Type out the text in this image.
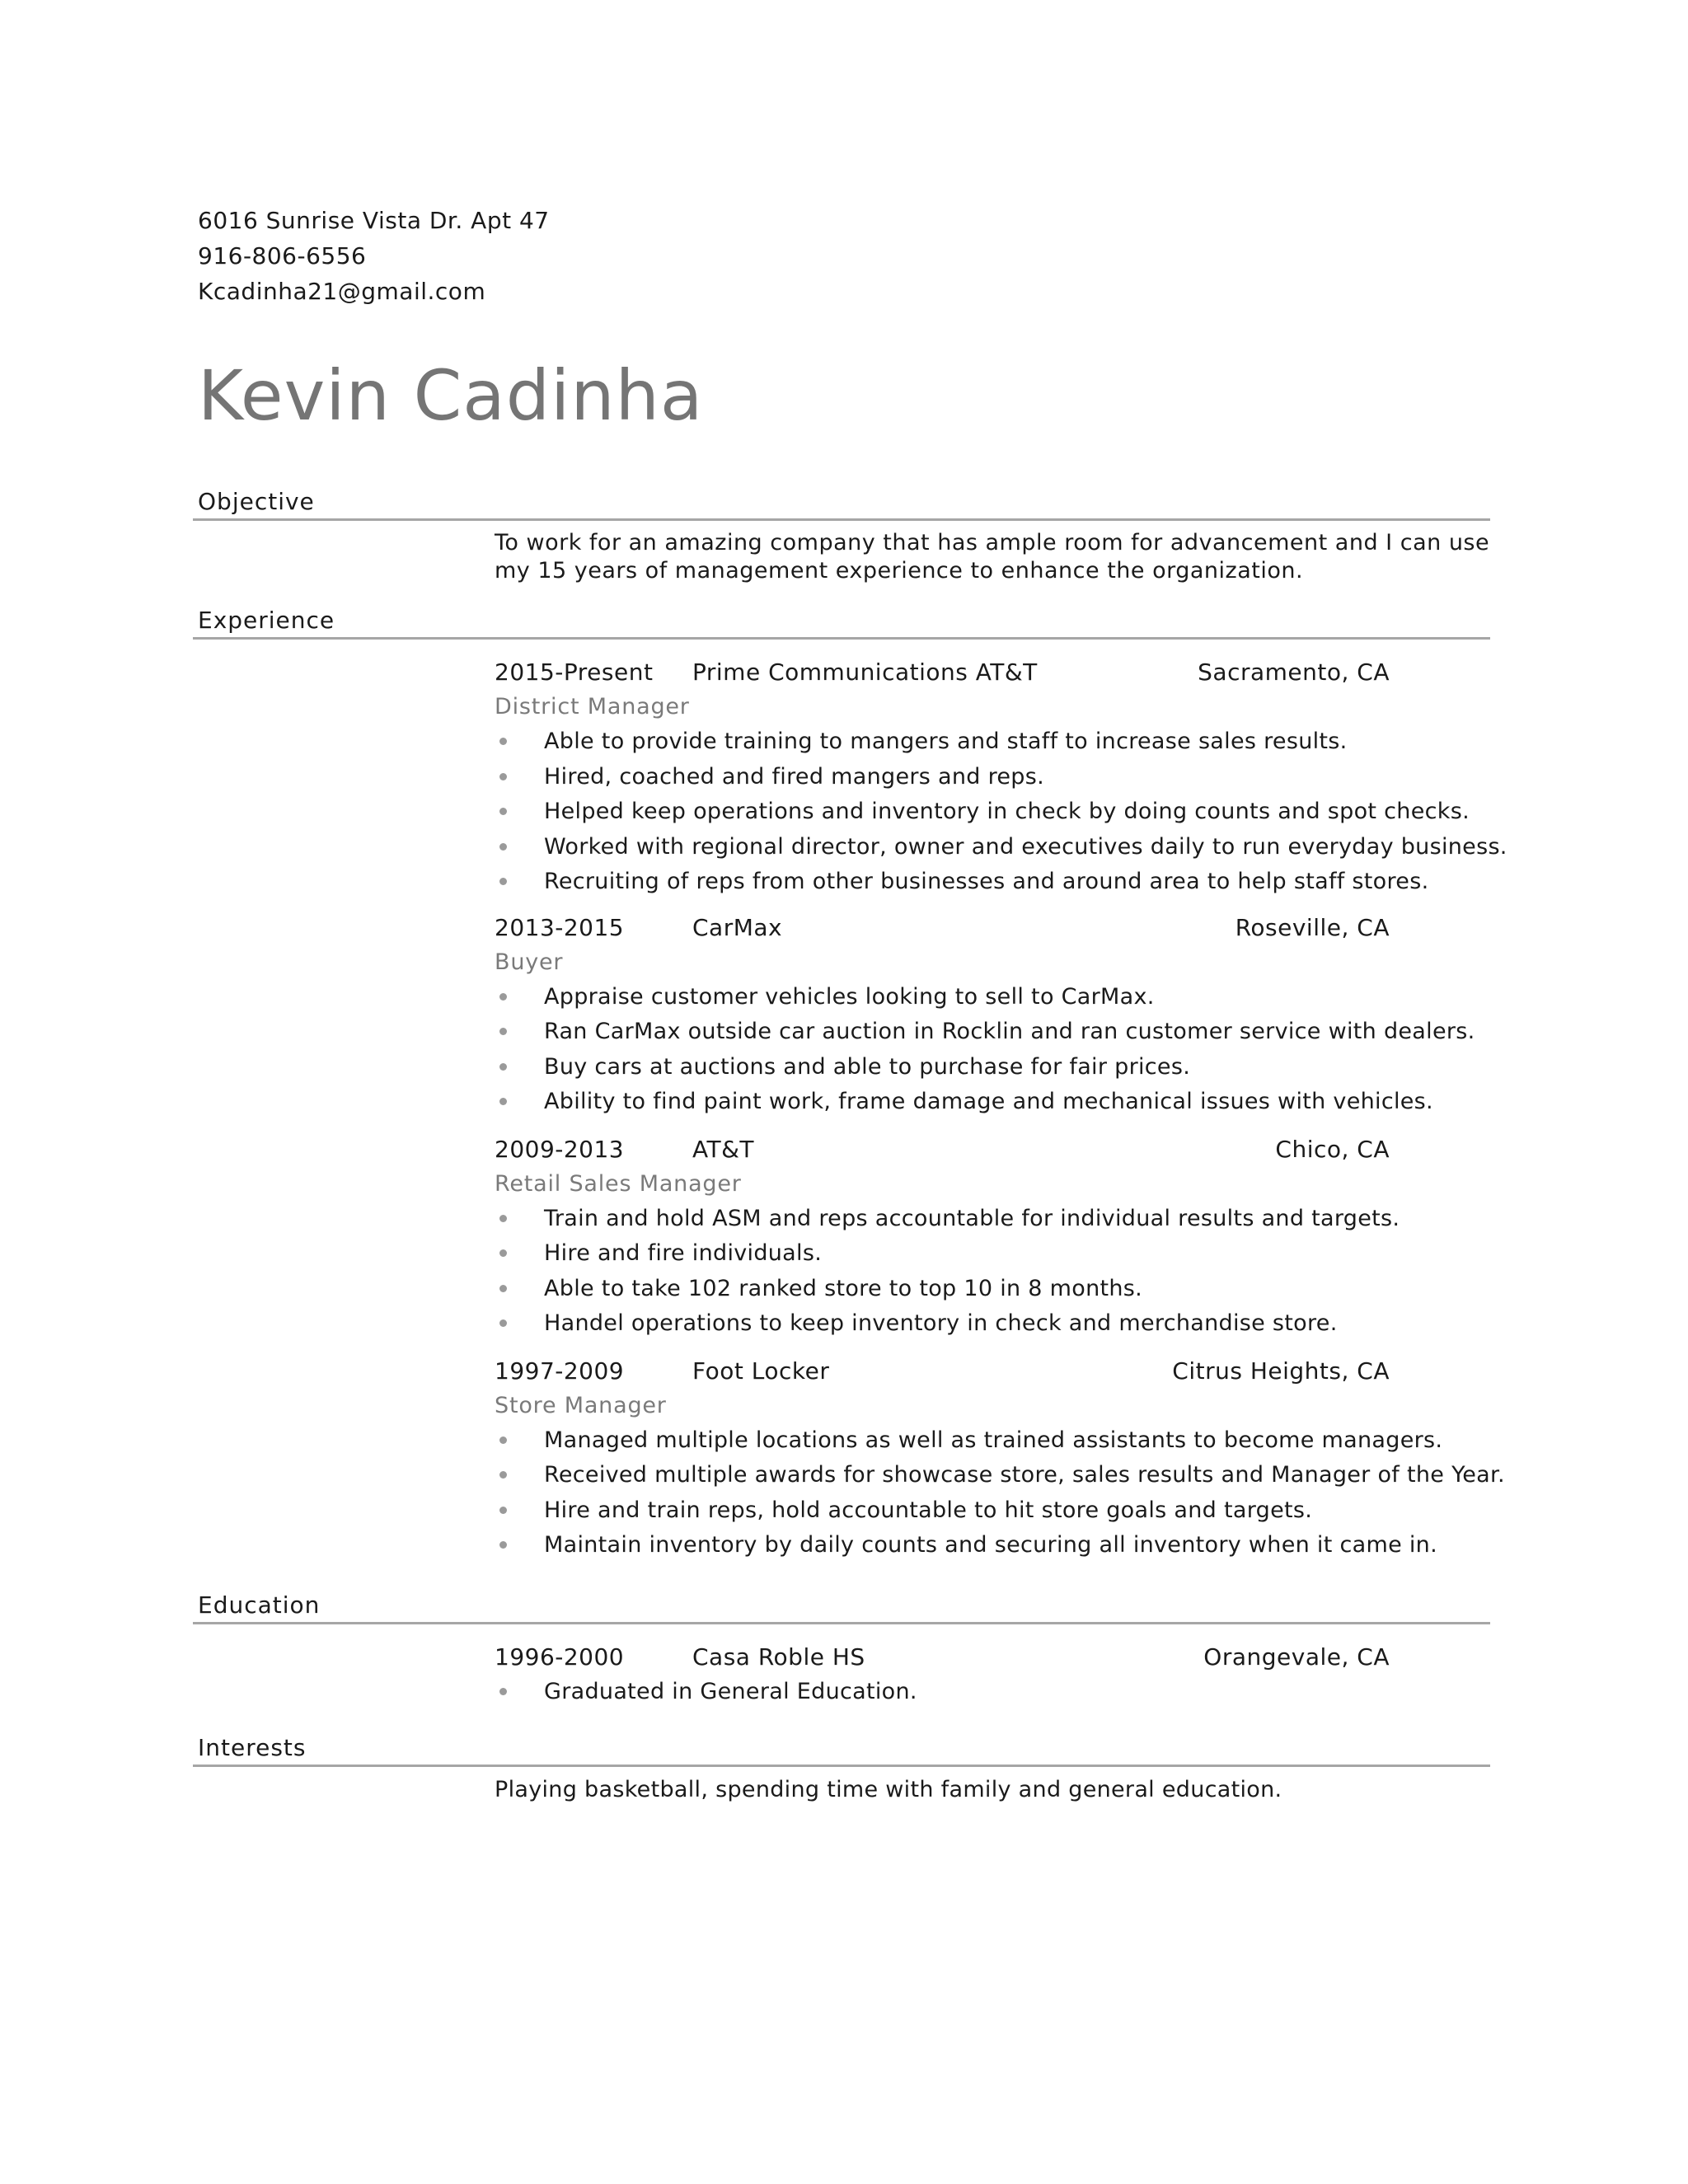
6016 Sunrise Vista Dr. Apt 47
916-806-6556
Kcadinha21@gmail.com
Kevin Cadinha
Objective
To work for an amazing company that has ample room for advancement and I can use
my 15 years of management experience to enhance the organization.
Experience
2015-Present Prime Communications AT&T	Sacramento, CA
District Manager
Able to provide training to mangers and staff to increase sales results.
Hired, coached and fired mangers and reps.
Helped keep operations and inventory in check by doing counts and spot checks.
Worked with regional director, owner and executives daily to run everyday business.
Recruiting of reps from other businesses and around area to help staff stores.
2013-2015	CarMax	Roseville, CA
Buyer
Appraise customer vehicles looking to sell to CarMax.
Ran CarMax outside car auction in Rocklin and ran customer service with dealers.
Buy cars at auctions and able to purchase for fair prices.
Ability to find paint work, frame damage and mechanical issues with vehicles.
2009-2013	AT&T	Chico, CA
Retail Sales Manager
Train and hold ASM and reps accountable for individual results and targets.
Hire and fire individuals.
Able to take 102 ranked store to top 10 in 8 months.
Handel operations to keep inventory in check and merchandise store.
1997-2009	Foot Locker	Citrus Heights, CA
Store Manager
Managed multiple locations as well as trained assistants to become managers.
Received multiple awards for showcase store, sales results and Manager of the Year.
Hire and train reps, hold accountable to hit store goals and targets.
Maintain inventory by daily counts and securing all inventory when it came in.
Education
1996-2000	Casa Roble HS	Orangevale, CA
Graduated in General Education.
Interests
Playing basketball, spending time with family and general education.
